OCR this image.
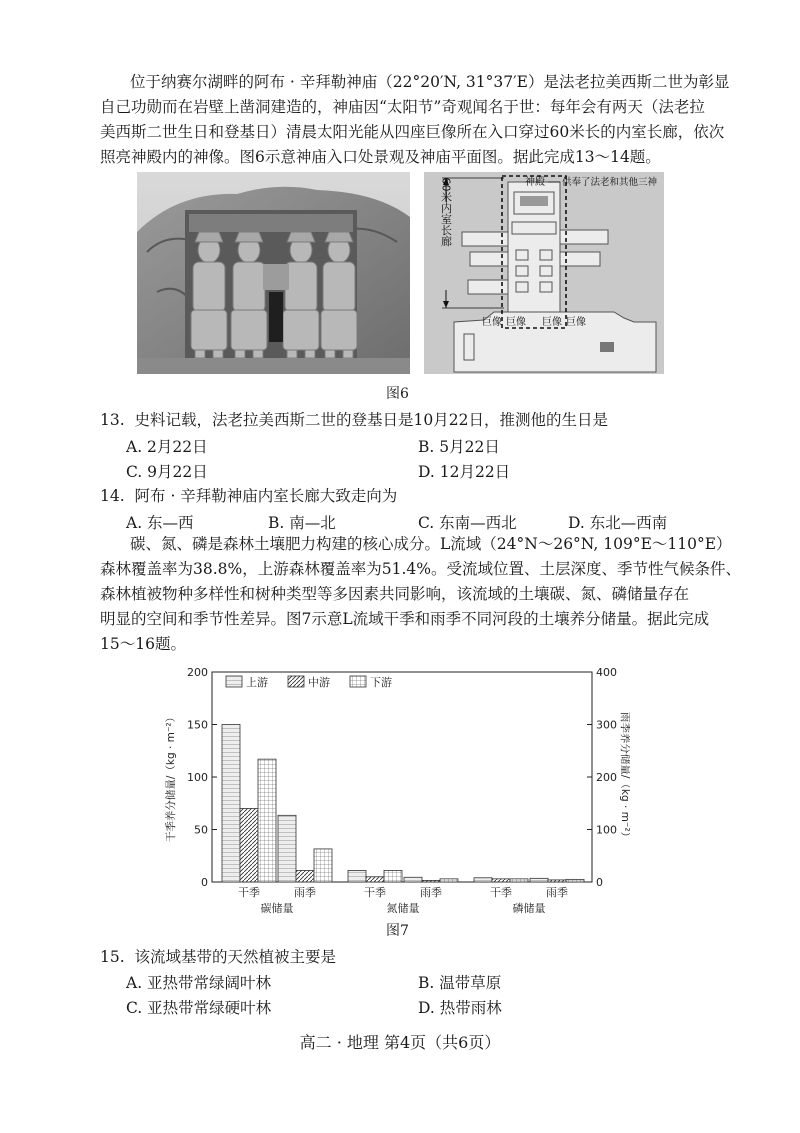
位于纳赛尔湖畔的阿布 · 辛拜勒神庙（22°20′N, 31°37′E）是法老拉美西斯二世为彰显
自己功勋而在岩壁上凿洞建造的，神庙因“太阳节”奇观闻名于世：每年会有两天（法老拉
美西斯二世生日和登基日）清晨太阳光能从四座巨像所在入口穿过60米长的内室长廊，依次
照亮神殿内的神像。图6示意神庙入口处景观及神庙平面图。据此完成13～14题。
60米内室长廊	神殿 供奉了法老和其他三神
巨像 巨像 巨像 巨像
图6
13. 史料记载，法老拉美西斯二世的登基日是10月22日，推测他的生日是
A. 2月22日	B. 5月22日
C. 9月22日	D. 12月22日
14. 阿布 · 辛拜勒神庙内室长廊大致走向为
A. 东—西	B. 南—北	C. 东南—西北	D. 东北—西南
碳、氮、磷是森林土壤肥力构建的核心成分。L流域（24°N～26°N, 109°E～110°E）
森林覆盖率为38.8%，上游森林覆盖率为51.4%。受流域位置、土层深度、季节性气候条件、
森林植被物种多样性和树种类型等多因素共同影响，该流域的土壤碳、氮、磷储量存在
明显的空间和季节性差异。图7示意L流域干季和雨季不同河段的土壤养分储量。据此完成
15～16题。
0
50
100
150
200
0
100
200
300
400
干季	雨季
碳储量
干季	雨季
氮储量
干季	雨季
磷储量
干季养分储量/（kg · m⁻²）	雨季养分储量/（kg · m⁻²）
上游	中游	下游
图7
15. 该流域基带的天然植被主要是
A. 亚热带常绿阔叶林	B. 温带草原
C. 亚热带常绿硬叶林	D. 热带雨林
高二 · 地理 第4页（共6页）
